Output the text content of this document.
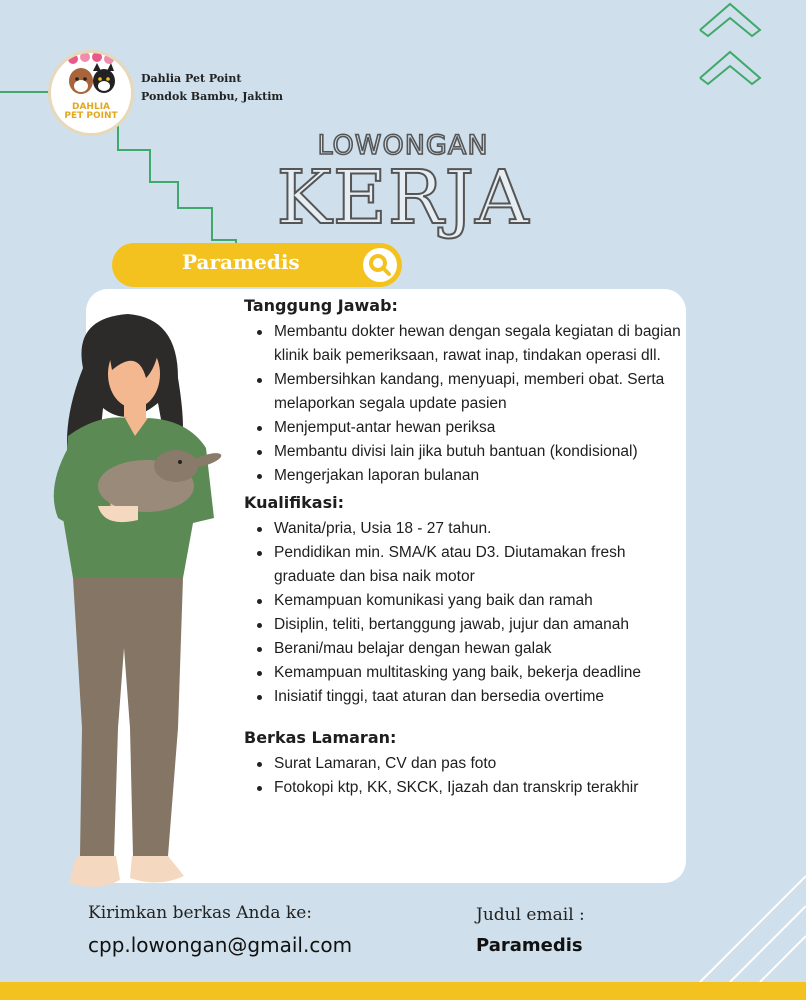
DAHLIA
PET POINT
Dahlia Pet Point
Pondok Bambu, Jaktim
LOWONGAN
KERJA
Paramedis
Tanggung Jawab:
Membantu dokter hewan dengan segala kegiatan di bagian klinik baik pemeriksaan, rawat inap, tindakan operasi dll.
Membersihkan kandang, menyuapi, memberi obat. Serta melaporkan segala update pasien
Menjemput-antar hewan periksa
Membantu divisi lain jika butuh bantuan (kondisional)
Mengerjakan laporan bulanan
Kualifikasi:
Wanita/pria, Usia 18 - 27 tahun.
Pendidikan min. SMA/K atau D3. Diutamakan fresh graduate dan bisa naik motor
Kemampuan komunikasi yang baik dan ramah
Disiplin, teliti, bertanggung jawab, jujur dan amanah
Berani/mau belajar dengan hewan galak
Kemampuan multitasking yang baik, bekerja deadline
Inisiatif tinggi, taat aturan dan bersedia overtime
Berkas Lamaran:
Surat Lamaran, CV dan pas foto
Fotokopi ktp, KK, SKCK, Ijazah dan transkrip terakhir
Kirimkan berkas Anda ke:
cpp.lowongan@gmail.com
Judul email :
Paramedis
